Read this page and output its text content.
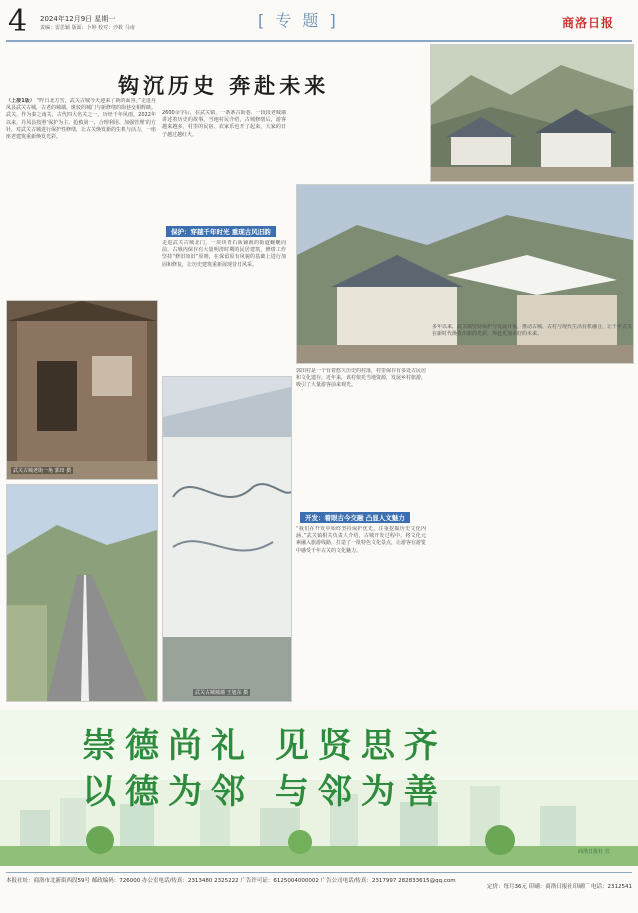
4 2024年12月9日 星期一
责编：雷思颖 版面：卜婷 校对：沙筱 马南	[ 专 题 ]	商洛日报
钩沉历史 奔赴未来
（上接1版） “昨日北方雪，武关古城今天迎来了新的面容。”走进丹凤县武关古城，古老的城墙、斑驳的城门与新修缮的街巷交相辉映。武关，作为秦之南关、古代四大名关之一，历经千年风雨。2022年以来，丹凤县按照‘保护为主、抢救第一、合理利用、加强管理’的方针，对武关古城进行保护性修缮，让古关焕发新的生机与活力，一座座老建筑重新焕发光彩。
2600余字后，在武关镇，一条条古街巷、一段段老城墙讲述着历史的故事。当地村民介绍，古城修缮后，游客越来越多，村里的民宿、农家乐也开了起来，大家的日子越过越红火。
保护：穿越千年时光 重现古风旧韵
走进武关古城北门，一块块青石板铺就的街道蜿蜒向前。古城内保存有大量明清时期的民居建筑，修缮工作坚持“修旧如旧”原则，在保留原有风貌的基础上进行加固和修复，让历史建筑重新展现昔日风采。
郭田村是一个有着悠久历史的村落，村里保存有多处古民居和文化遗存。近年来，该村依托当地资源，发展乡村旅游，吸引了大量游客前来观光。
开发：着眼古今交融 凸显人文魅力
“我们在开发中始终坚持保护优先，注重挖掘历史文化内涵。”武关镇相关负责人介绍，古城开发过程中，将文化元素融入旅游线路，打造了一批特色文化景点，让游客在游览中感受千年古关的文化魅力。
多年以来，武关镇坚持保护与发展并重，推动古城、古村与现代生活有机融合，让千年古关在新时代焕发出新的光彩，奔赴更加美好的未来。
武关古城老街一角 郭田 摄
武关古城城墙 王旭东 摄
崇德尚礼 见贤思齐
以德为邻 与邻为善
商洛日报社 宣
本报社址：商洛市北新街西段59号 邮政编码：726000 办公室电话/传真：2313480 2325222 广告许可证：6125004000002 广告公司电话/传真：2317997 282833615@qq.com
定价：每月36元 印刷：商洛日报社印刷厂 电话：2312541
